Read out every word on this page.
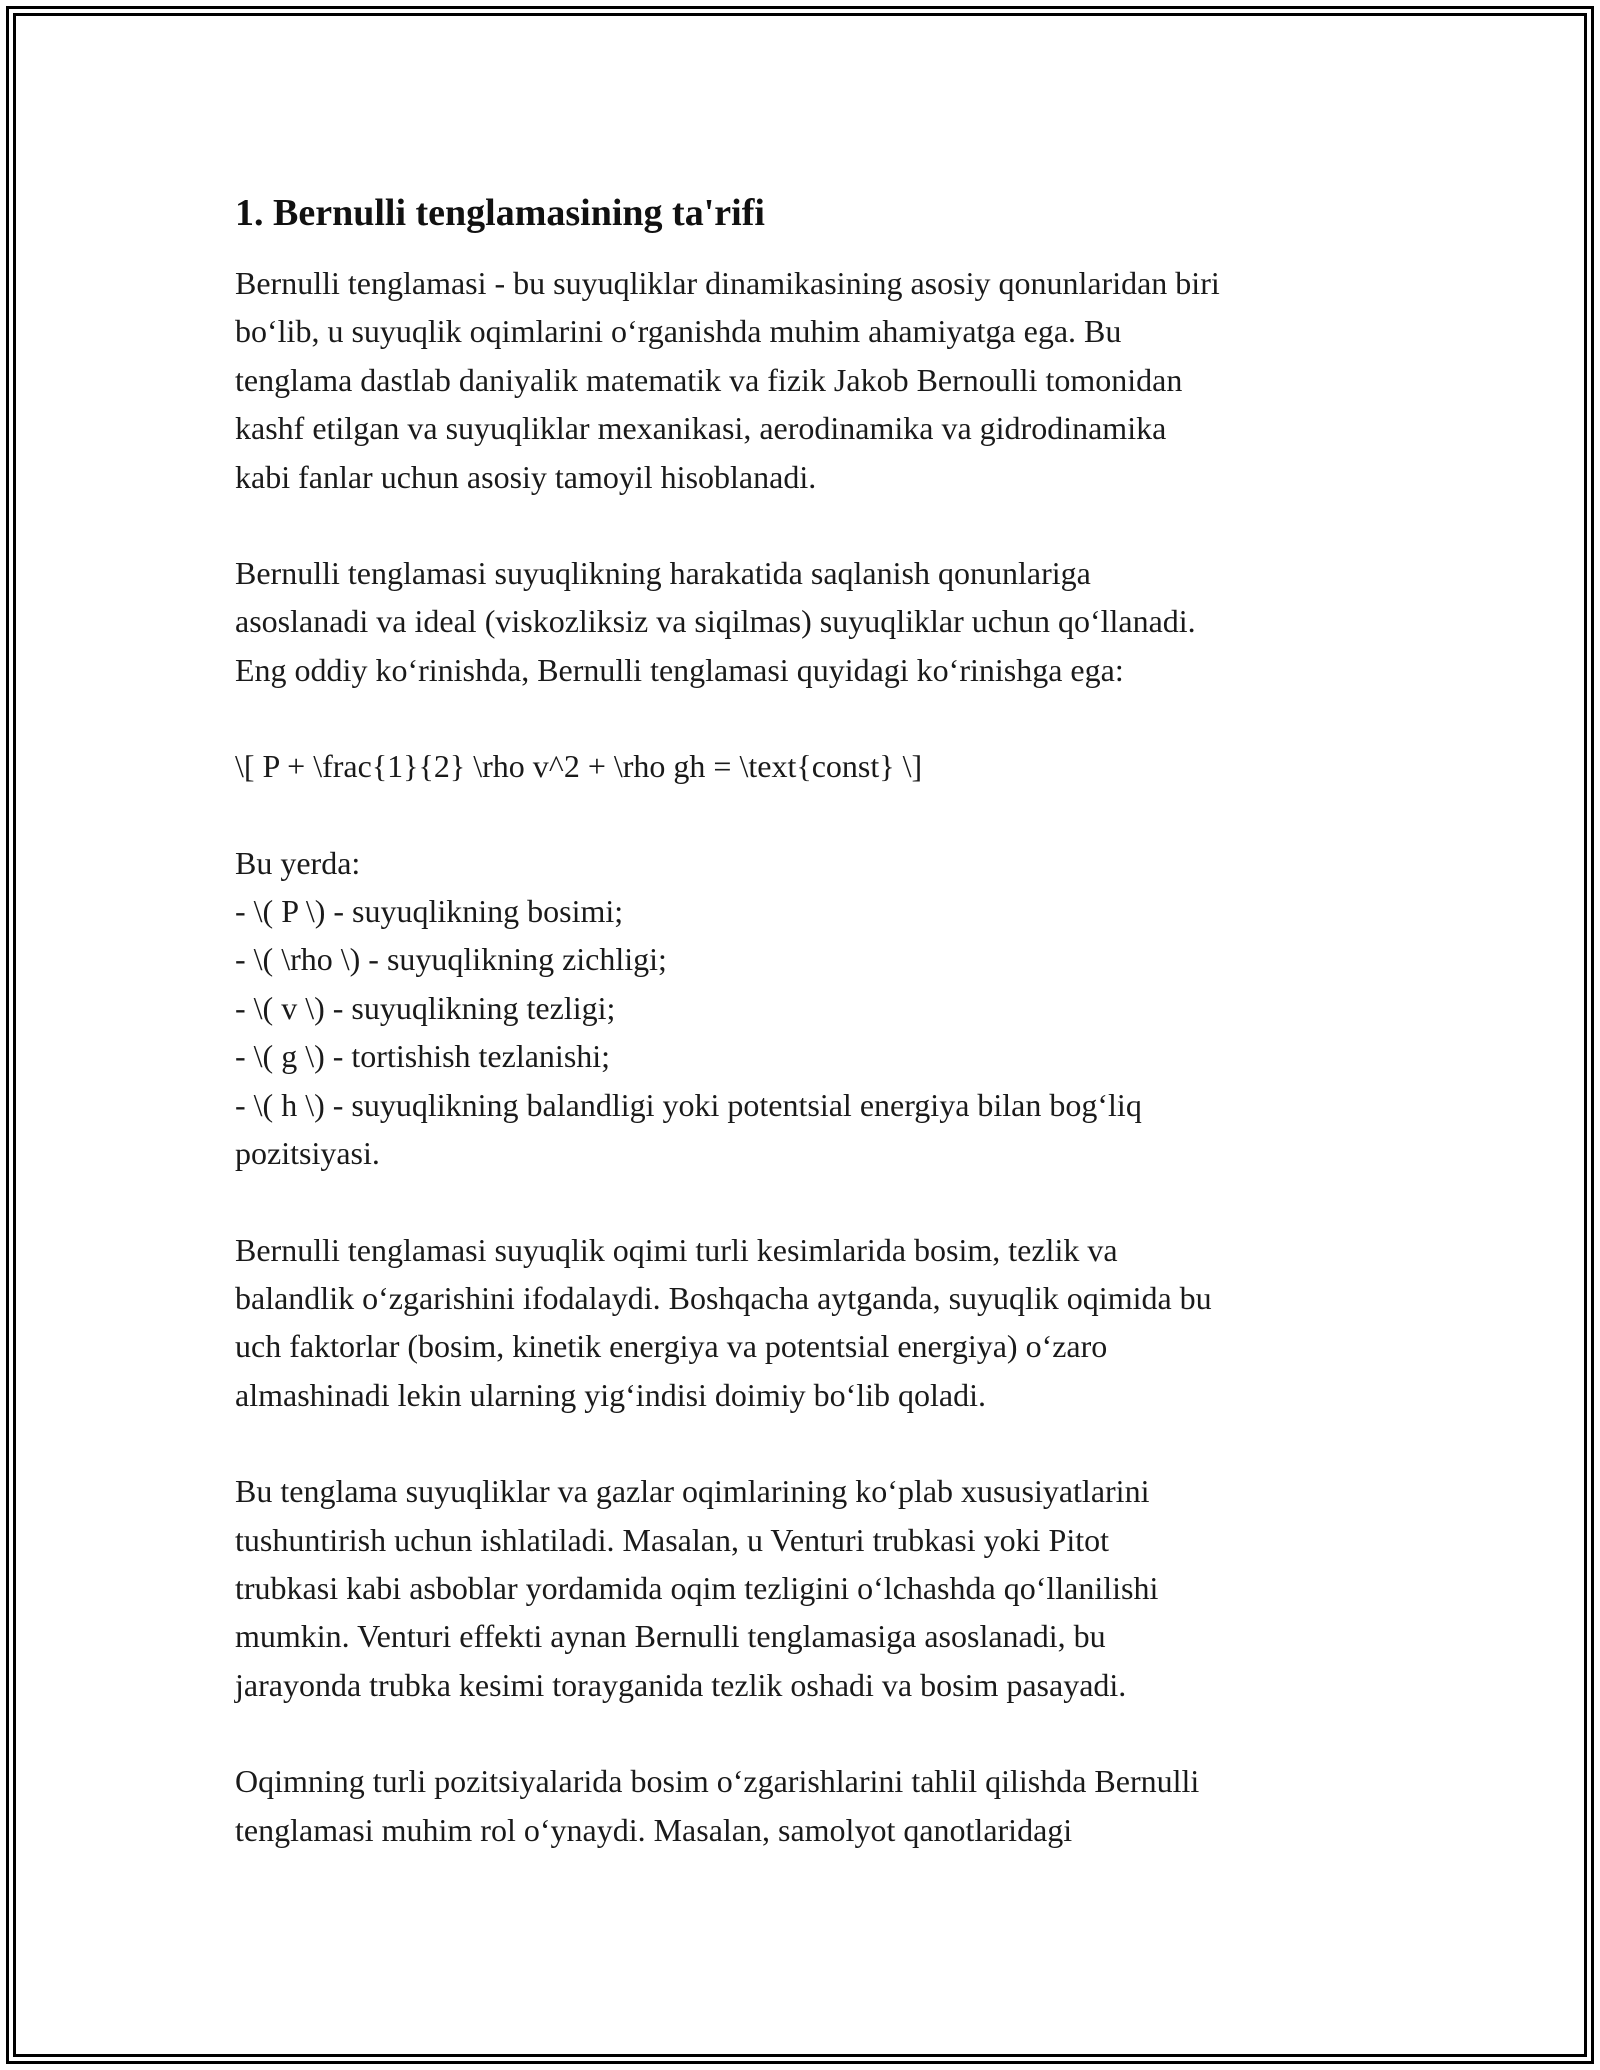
1. Bernulli tenglamasining ta'rifi

Bernulli tenglamasi - bu suyuqliklar dinamikasining asosiy qonunlaridan biri
bo‘lib, u suyuqlik oqimlarini o‘rganishda muhim ahamiyatga ega. Bu
tenglama dastlab daniyalik matematik va fizik Jakob Bernoulli tomonidan
kashf etilgan va suyuqliklar mexanikasi, aerodinamika va gidrodinamika
kabi fanlar uchun asosiy tamoyil hisoblanadi.

Bernulli tenglamasi suyuqlikning harakatida saqlanish qonunlariga
asoslanadi va ideal (viskozliksiz va siqilmas) suyuqliklar uchun qo‘llanadi.
Eng oddiy ko‘rinishda, Bernulli tenglamasi quyidagi ko‘rinishga ega:

\[ P + \frac{1}{2} \rho v^2 + \rho gh = \text{const} \]

Bu yerda:
- \( P \) - suyuqlikning bosimi;
- \( \rho \) - suyuqlikning zichligi;
- \( v \) - suyuqlikning tezligi;
- \( g \) - tortishish tezlanishi;
- \( h \) - suyuqlikning balandligi yoki potentsial energiya bilan bog‘liq
pozitsiyasi.

Bernulli tenglamasi suyuqlik oqimi turli kesimlarida bosim, tezlik va
balandlik o‘zgarishini ifodalaydi. Boshqacha aytganda, suyuqlik oqimida bu
uch faktorlar (bosim, kinetik energiya va potentsial energiya) o‘zaro
almashinadi lekin ularning yig‘indisi doimiy bo‘lib qoladi.

Bu tenglama suyuqliklar va gazlar oqimlarining ko‘plab xususiyatlarini
tushuntirish uchun ishlatiladi. Masalan, u Venturi trubkasi yoki Pitot
trubkasi kabi asboblar yordamida oqim tezligini o‘lchashda qo‘llanilishi
mumkin. Venturi effekti aynan Bernulli tenglamasiga asoslanadi, bu
jarayonda trubka kesimi torayganida tezlik oshadi va bosim pasayadi.

Oqimning turli pozitsiyalarida bosim o‘zgarishlarini tahlil qilishda Bernulli
tenglamasi muhim rol o‘ynaydi. Masalan, samolyot qanotlaridagi
